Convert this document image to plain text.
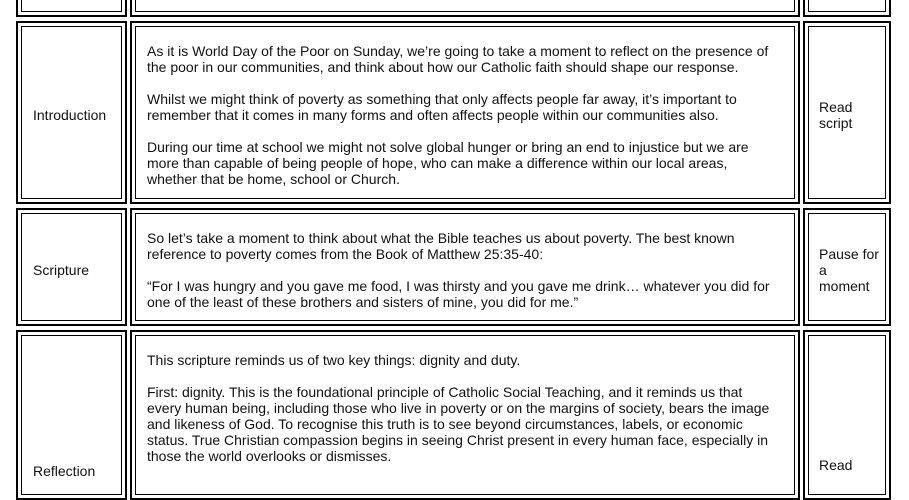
Introduction

As it is World Day of the Poor on Sunday, we’re going to take a moment to reflect on the presence of the poor in our communities, and think about how our Catholic faith should shape our response.

Whilst we might think of poverty as something that only affects people far away, it’s important to remember that it comes in many forms and often affects people within our communities also.

During our time at school we might not solve global hunger or bring an end to injustice but we are more than capable of being people of hope, who can make a difference within our local areas, whether that be home, school or Church.

Read script
Scripture

So let’s take a moment to think about what the Bible teaches us about poverty. The best known reference to poverty comes from the Book of Matthew 25:35-40:

“For I was hungry and you gave me food, I was thirsty and you gave me drink… whatever you did for one of the least of these brothers and sisters of mine, you did for me.”

Pause for a moment
Reflection

This scripture reminds us of two key things: dignity and duty.

First: dignity. This is the foundational principle of Catholic Social Teaching, and it reminds us that every human being, including those who live in poverty or on the margins of society, bears the image and likeness of God. To recognise this truth is to see beyond circumstances, labels, or economic status. True Christian compassion begins in seeing Christ present in every human face, especially in those the world overlooks or dismisses.

Read
